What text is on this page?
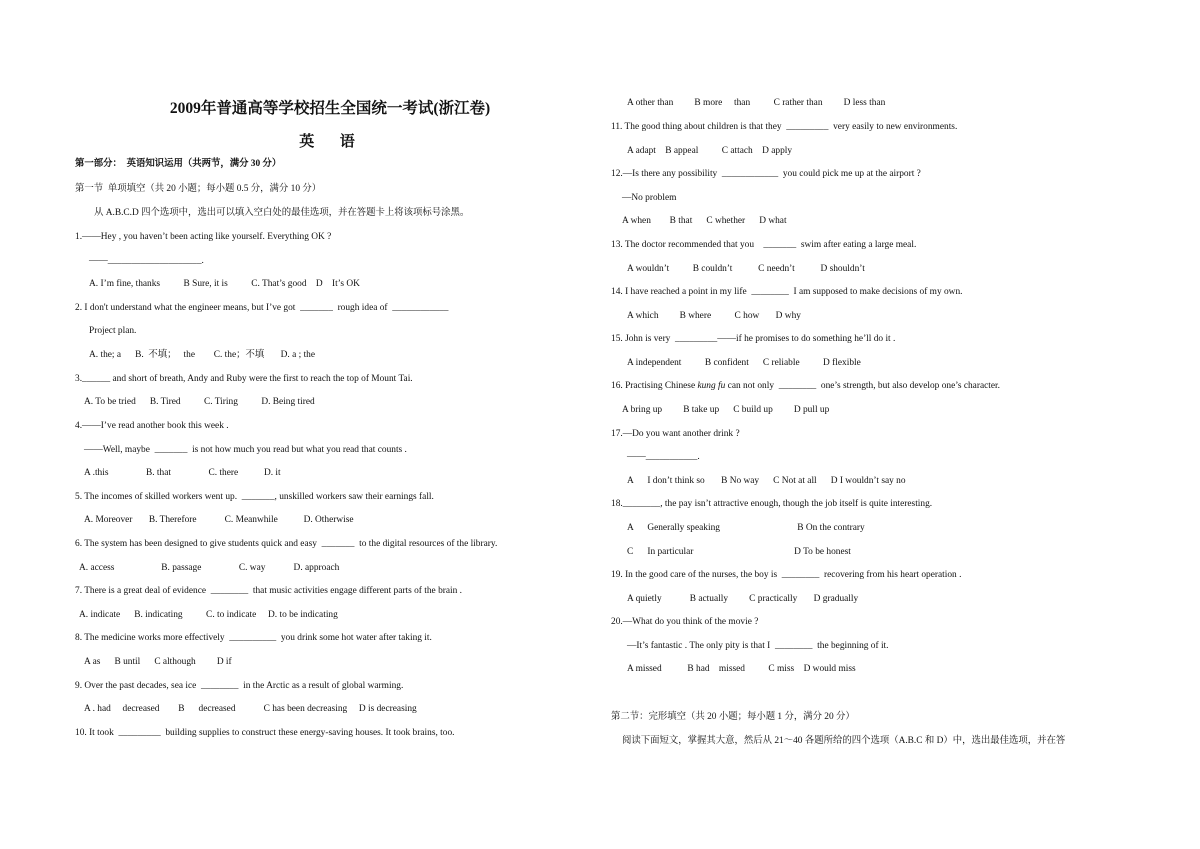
2009年普通高等学校招生全国统一考试(浙江卷)
英  语
第一部分：  英语知识运用（共两节，满分 30 分）
第一节  单项填空（共 20 小题；每小题 0.5 分，满分 10 分）
从 A.B.C.D 四个选项中，选出可以填入空白处的最佳选项，并在答题卡上将该项标号涂黑。
1.——Hey , you haven’t been acting like yourself. Everything OK ?
——____________________.
A. I’m fine, thanks          B Sure, it is          C. That’s good    D    It’s OK
2. I don't understand what the engineer means, but I’ve got  _______  rough idea of  ____________
Project plan.
A. the; a      B.  不填；   the        C. the；不填       D. a ; the
3.______ and short of breath, Andy and Ruby were the first to reach the top of Mount Tai.
A. To be tried      B. Tired          C. Tiring          D. Being tired
4.——I’ve read another book this week .
——Well, maybe  _______  is not how much you read but what you read that counts .
A .this                B. that                C. there           D. it
5. The incomes of skilled workers went up.  _______, unskilled workers saw their earnings fall.
A. Moreover       B. Therefore            C. Meanwhile           D. Otherwise
6. The system has been designed to give students quick and easy  _______  to the digital resources of the library.
A. access                    B. passage                C. way            D. approach
7. There is a great deal of evidence  ________  that music activities engage different parts of the brain .
A. indicate      B. indicating          C. to indicate     D. to be indicating
8. The medicine works more effectively  __________  you drink some hot water after taking it.
A as      B until      C although         D if
9. Over the past decades, sea ice  ________  in the Arctic as a result of global warming.
A . had     decreased        B      decreased            C has been decreasing     D is decreasing
10. It took  _________  building supplies to construct these energy-saving houses. It took brains, too.
A other than         B more     than          C rather than         D less than
11. The good thing about children is that they  _________  very easily to new environments.
A adapt    B appeal          C attach    D apply
12.—Is there any possibility  ____________  you could pick me up at the airport ?
—No problem
A when        B that      C whether      D what
13. The doctor recommended that you    _______  swim after eating a large meal.
A wouldn’t          B couldn’t           C needn’t           D shouldn’t
14. I have reached a point in my life  ________  I am supposed to make decisions of my own.
A which         B where          C how       D why
15. John is very  _________——if he promises to do something he’ll do it .
A independent          B confident      C reliable          D flexible
16. Practising Chinese kung fu can not only  ________  one’s strength, but also develop one’s character.
A bring up         B take up      C build up         D pull up
17.—Do you want another drink ?
——___________.
A      I don’t think so       B No way      C Not at all      D I wouldn’t say no
18.________, the pay isn’t attractive enough, though the job itself is quite interesting.
A      Generally speaking                                 B On the contrary
C      In particular                                           D To be honest
19. In the good care of the nurses, the boy is  ________  recovering from his heart operation .
A quietly            B actually         C practically       D gradually
20.—What do you think of the movie ?
—It’s fantastic . The only pity is that I  ________  the beginning of it.
A missed           B had    missed          C miss    D would miss
第二节：完形填空（共 20 小题；每小题 1 分，满分 20 分）
阅读下面短文，掌握其大意，然后从 21～40 各题所给的四个选项（A.B.C 和 D）中，选出最佳选项，并在答
